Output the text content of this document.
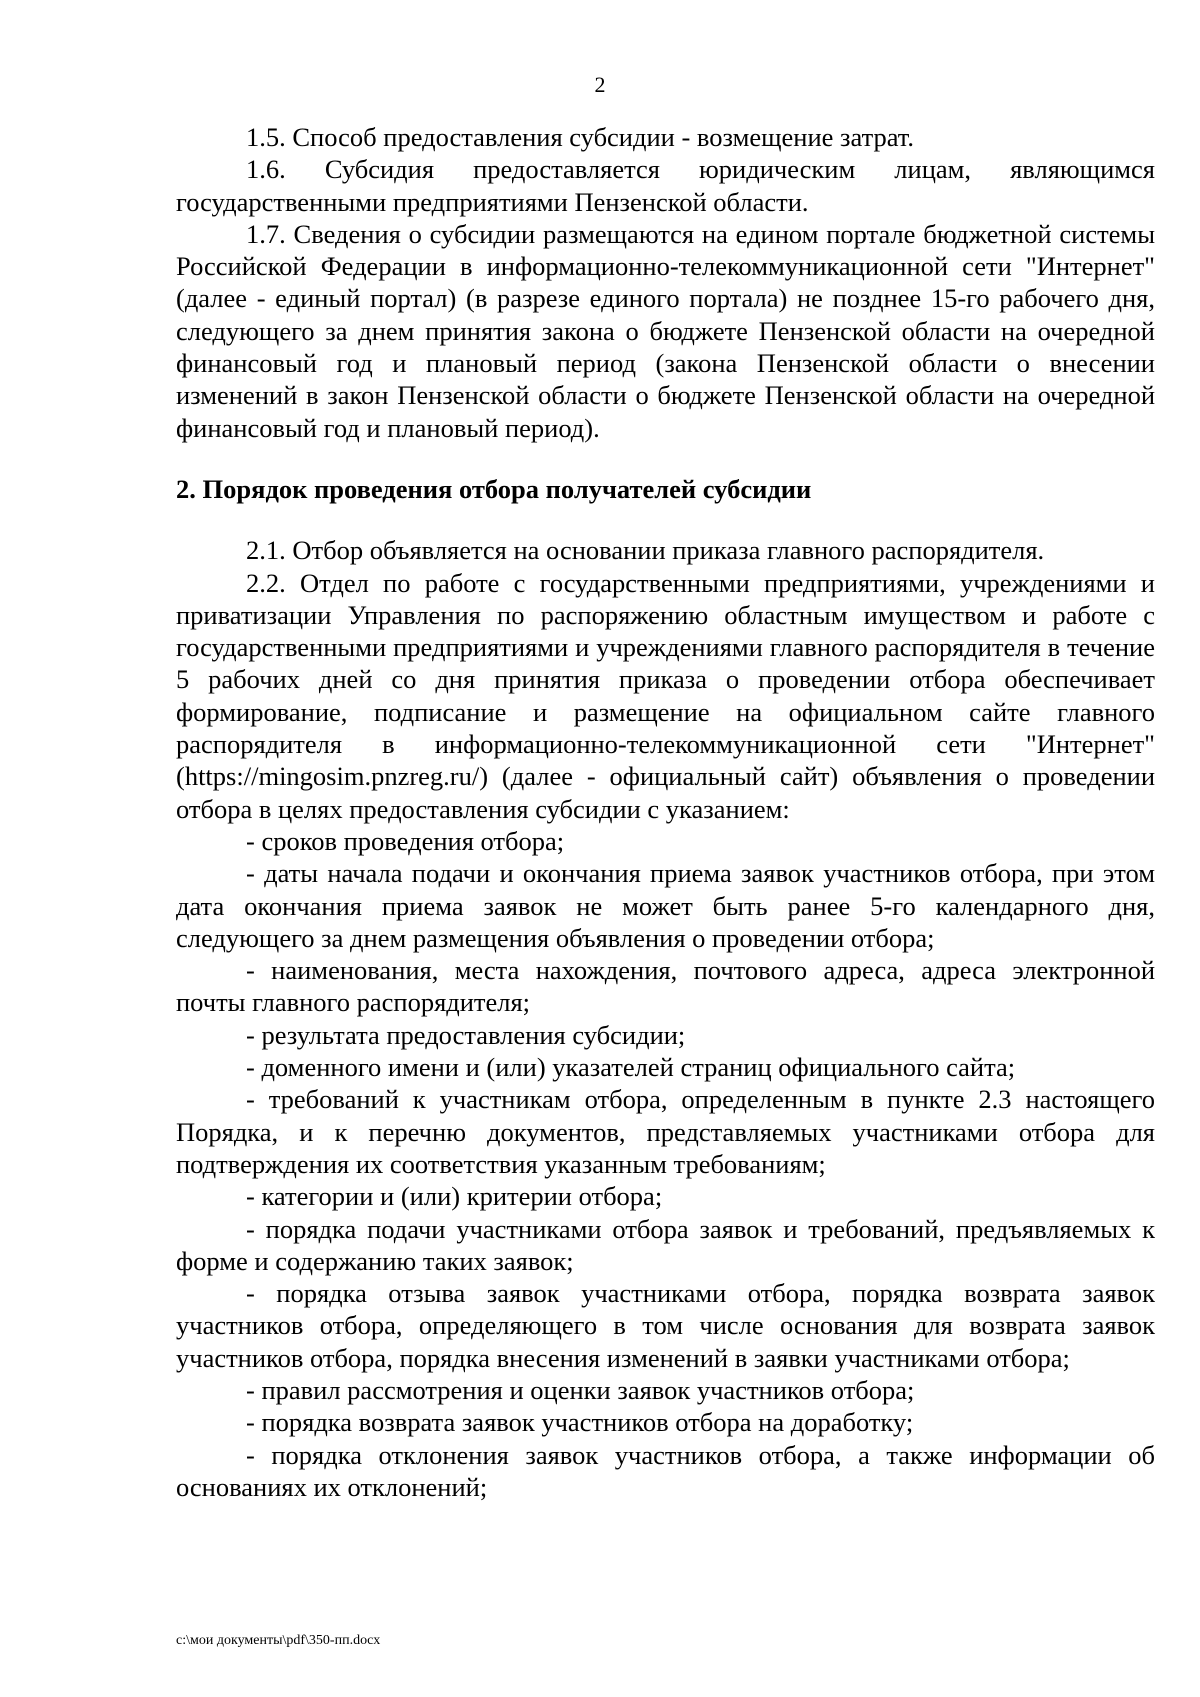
2

1.5. Способ предоставления субсидии - возмещение затрат.

1.6. Субсидия предоставляется юридическим лицам, являющимся государственными предприятиями Пензенской области.

1.7. Сведения о субсидии размещаются на едином портале бюджетной системы Российской Федерации в информационно-телекоммуникационной сети "Интернет" (далее - единый портал) (в разрезе единого портала) не позднее 15-го рабочего дня, следующего за днем принятия закона о бюджете Пензенской области на очередной финансовый год и плановый период (закона Пензенской области о внесении изменений в закон Пензенской области о бюджете Пензенской области на очередной финансовый год и плановый период).

2. Порядок проведения отбора получателей субсидии

2.1. Отбор объявляется на основании приказа главного распорядителя.

2.2. Отдел по работе с государственными предприятиями, учреждениями и приватизации Управления по распоряжению областным имуществом и работе с государственными предприятиями и учреждениями главного распорядителя в течение 5 рабочих дней со дня принятия приказа о проведении отбора обеспечивает формирование, подписание и размещение на официальном сайте главного распорядителя в информационно-телекоммуникационной сети "Интернет" (https://mingosim.pnzreg.ru/) (далее - официальный сайт) объявления о проведении отбора в целях предоставления субсидии с указанием:

- сроков проведения отбора;

- даты начала подачи и окончания приема заявок участников отбора, при этом дата окончания приема заявок не может быть ранее 5-го календарного дня, следующего за днем размещения объявления о проведении отбора;

- наименования, места нахождения, почтового адреса, адреса электронной почты главного распорядителя;

- результата предоставления субсидии;

- доменного имени и (или) указателей страниц официального сайта;

- требований к участникам отбора, определенным в пункте 2.3 настоящего Порядка, и к перечню документов, представляемых участниками отбора для подтверждения их соответствия указанным требованиям;

- категории и (или) критерии отбора;

- порядка подачи участниками отбора заявок и требований, предъявляемых к форме и содержанию таких заявок;

- порядка отзыва заявок участниками отбора, порядка возврата заявок участников отбора, определяющего в том числе основания для возврата заявок участников отбора, порядка внесения изменений в заявки участниками отбора;

- правил рассмотрения и оценки заявок участников отбора;

- порядка возврата заявок участников отбора на доработку;

- порядка отклонения заявок участников отбора, а также информации об основаниях их отклонений;

c:\мои документы\pdf\350-пп.docx
